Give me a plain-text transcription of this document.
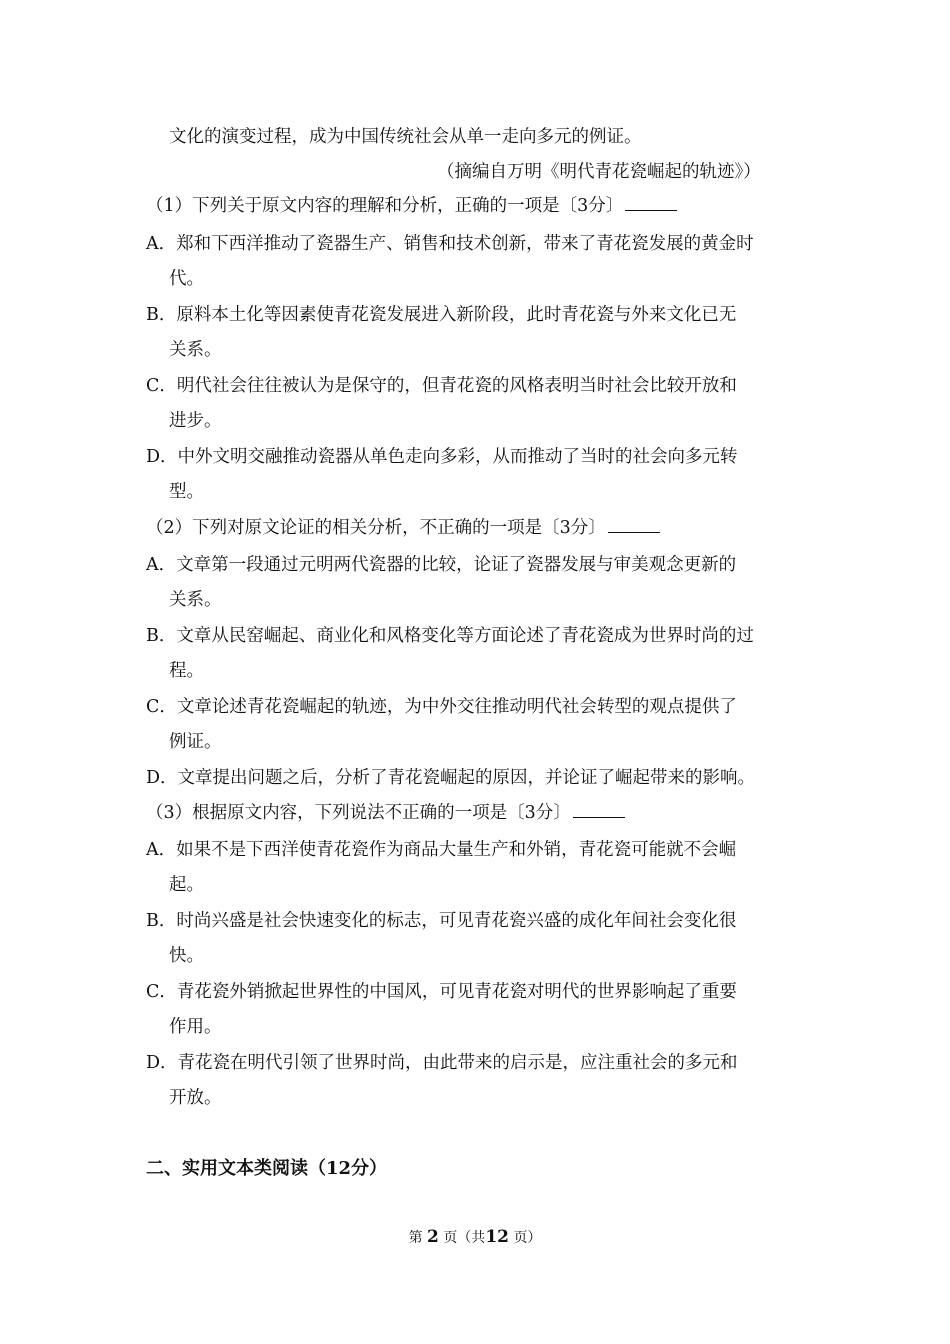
文化的演变过程，成为中国传统社会从单一走向多元的例证。
（摘编自万明《明代青花瓷崛起的轨迹》）
（1）下列关于原文内容的理解和分析，正确的一项是〔3分〕
A．郑和下西洋推动了瓷器生产、销售和技术创新，带来了青花瓷发展的黄金时
代。
B．原料本土化等因素使青花瓷发展进入新阶段，此时青花瓷与外来文化已无
关系。
C．明代社会往往被认为是保守的，但青花瓷的风格表明当时社会比较开放和
进步。
D．中外文明交融推动瓷器从单色走向多彩，从而推动了当时的社会向多元转
型。
（2）下列对原文论证的相关分析，不正确的一项是〔3分〕
A．文章第一段通过元明两代瓷器的比较，论证了瓷器发展与审美观念更新的
关系。
B．文章从民窑崛起、商业化和风格变化等方面论述了青花瓷成为世界时尚的过
程。
C．文章论述青花瓷崛起的轨迹，为中外交往推动明代社会转型的观点提供了
例证。
D．文章提出问题之后，分析了青花瓷崛起的原因，并论证了崛起带来的影响。
（3）根据原文内容，下列说法不正确的一项是〔3分〕
A．如果不是下西洋使青花瓷作为商品大量生产和外销，青花瓷可能就不会崛
起。
B．时尚兴盛是社会快速变化的标志，可见青花瓷兴盛的成化年间社会变化很
快。
C．青花瓷外销掀起世界性的中国风，可见青花瓷对明代的世界影响起了重要
作用。
D．青花瓷在明代引领了世界时尚，由此带来的启示是，应注重社会的多元和
开放。
二、实用文本类阅读（12分）
第 2 页（共12 页）
